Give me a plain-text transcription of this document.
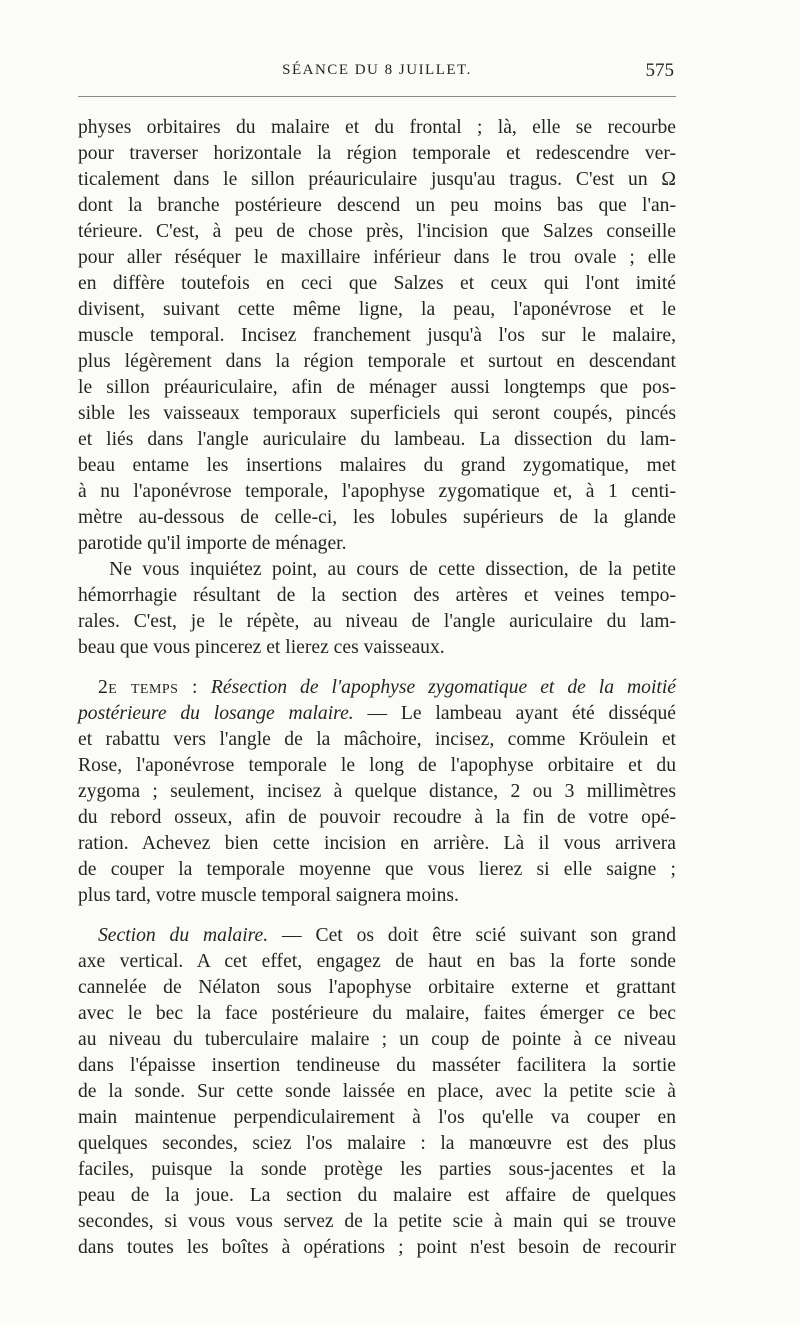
SÉANCE DU 8 JUILLET.	575
physes orbitaires du malaire et du frontal ; là, elle se recourbe
pour traverser horizontale la région temporale et redescendre ver-
ticalement dans le sillon préauriculaire jusqu'au tragus. C'est un Ω
dont la branche postérieure descend un peu moins bas que l'an-
térieure. C'est, à peu de chose près, l'incision que Salzes conseille
pour aller réséquer le maxillaire inférieur dans le trou ovale ; elle
en diffère toutefois en ceci que Salzes et ceux qui l'ont imité
divisent, suivant cette même ligne, la peau, l'aponévrose et le
muscle temporal. Incisez franchement jusqu'à l'os sur le malaire,
plus légèrement dans la région temporale et surtout en descendant
le sillon préauriculaire, afin de ménager aussi longtemps que pos-
sible les vaisseaux temporaux superficiels qui seront coupés, pincés
et liés dans l'angle auriculaire du lambeau. La dissection du lam-
beau entame les insertions malaires du grand zygomatique, met
à nu l'aponévrose temporale, l'apophyse zygomatique et, à 1 centi-
mètre au-dessous de celle-ci, les lobules supérieurs de la glande
parotide qu'il importe de ménager.
Ne vous inquiétez point, au cours de cette dissection, de la petite
hémorrhagie résultant de la section des artères et veines tempo-
rales. C'est, je le répète, au niveau de l'angle auriculaire du lam-
beau que vous pincerez et lierez ces vaisseaux.
2e temps : Résection de l'apophyse zygomatique et de la moitié
postérieure du losange malaire. — Le lambeau ayant été disséqué
et rabattu vers l'angle de la mâchoire, incisez, comme Kröulein et
Rose, l'aponévrose temporale le long de l'apophyse orbitaire et du
zygoma ; seulement, incisez à quelque distance, 2 ou 3 millimètres
du rebord osseux, afin de pouvoir recoudre à la fin de votre opé-
ration. Achevez bien cette incision en arrière. Là il vous arrivera
de couper la temporale moyenne que vous lierez si elle saigne ;
plus tard, votre muscle temporal saignera moins.
Section du malaire. — Cet os doit être scié suivant son grand
axe vertical. A cet effet, engagez de haut en bas la forte sonde
cannelée de Nélaton sous l'apophyse orbitaire externe et grattant
avec le bec la face postérieure du malaire, faites émerger ce bec
au niveau du tuberculaire malaire ; un coup de pointe à ce niveau
dans l'épaisse insertion tendineuse du masséter facilitera la sortie
de la sonde. Sur cette sonde laissée en place, avec la petite scie à
main maintenue perpendiculairement à l'os qu'elle va couper en
quelques secondes, sciez l'os malaire : la manœuvre est des plus
faciles, puisque la sonde protège les parties sous-jacentes et la
peau de la joue. La section du malaire est affaire de quelques
secondes, si vous vous servez de la petite scie à main qui se trouve
dans toutes les boîtes à opérations ; point n'est besoin de recourir
